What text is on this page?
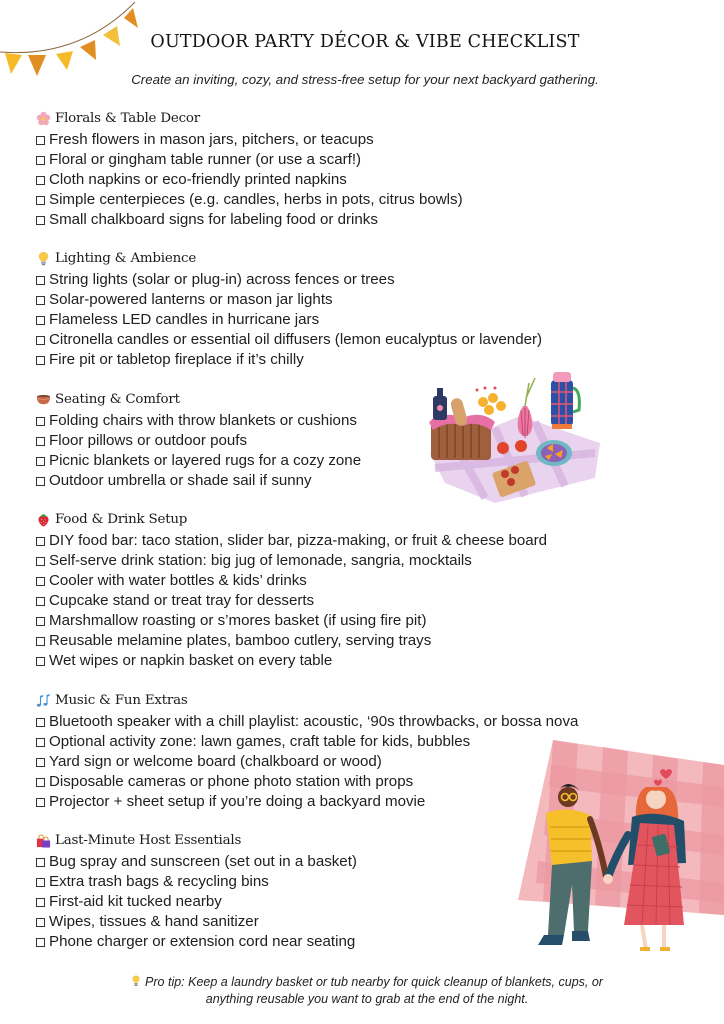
OUTDOOR PARTY DÉCOR & VIBE CHECKLIST

Create an inviting, cozy, and stress-free setup for your next backyard gathering.

Florals & Table Decor
Fresh flowers in mason jars, pitchers, or teacups
Floral or gingham table runner (or use a scarf!)
Cloth napkins or eco-friendly printed napkins
Simple centerpieces (e.g. candles, herbs in pots, citrus bowls)
Small chalkboard signs for labeling food or drinks
Lighting & Ambience
String lights (solar or plug-in) across fences or trees
Solar-powered lanterns or mason jar lights
Flameless LED candles in hurricane jars
Citronella candles or essential oil diffusers (lemon eucalyptus or lavender)
Fire pit or tabletop fireplace if it’s chilly
Seating & Comfort
Folding chairs with throw blankets or cushions
Floor pillows or outdoor poufs
Picnic blankets or layered rugs for a cozy zone
Outdoor umbrella or shade sail if sunny
Food & Drink Setup
DIY food bar: taco station, slider bar, pizza-making, or fruit & cheese board
Self-serve drink station: big jug of lemonade, sangria, mocktails
Cooler with water bottles & kids’ drinks
Cupcake stand or treat tray for desserts
Marshmallow roasting or s’mores basket (if using fire pit)
Reusable melamine plates, bamboo cutlery, serving trays
Wet wipes or napkin basket on every table
Music & Fun Extras
Bluetooth speaker with a chill playlist: acoustic, ‘90s throwbacks, or bossa nova
Optional activity zone: lawn games, craft table for kids, bubbles
Yard sign or welcome board (chalkboard or wood)
Disposable cameras or phone photo station with props
Projector + sheet setup if you’re doing a backyard movie
Last-Minute Host Essentials
Bug spray and sunscreen (set out in a basket)
Extra trash bags & recycling bins
First-aid kit tucked nearby
Wipes, tissues & hand sanitizer
Phone charger or extension cord near seating
Pro tip: Keep a laundry basket or tub nearby for quick cleanup of blankets, cups, or
anything reusable you want to grab at the end of the night.
